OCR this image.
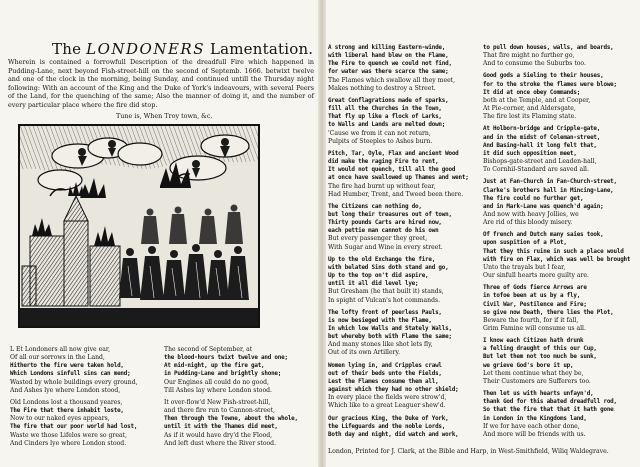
The LONDONERS Lamentation.
Wherein is contained a forrowfull Description of the dreadfull Fire which happened in Pudding-Lane, next beyond Fish-street-hill on the second of Septemb. 1666. betwixt twelve and one of the clock in the morning, being Sunday, and continued untill the Thursday night following: With an account of the King and the Duke of York's indeavours, with several Peers of the Land, for the quenching of the same; Also the manner of doing it, and the number of every particular place where the fire did stop.
Tune is, When Troy town, &c.
L Et Londoners all now give ear,
Of all our sorrows in the Land,
Hitherto the fire were taken hold,
Which Londons sinfull sins can mend;
Wasted by whole buildings every ground,
And Ashes lye where London stood,
Old Londons lost a thousand yeares,
The Fire that there inhabit loste,
Now to our naked eyes appears,
The fire that our poor world had lost,
Waste we those Lifelos were so great,
And Cinders lye where London stood.
The second of September, at
the blood-hours twixt twelve and one;
At mid-night, up the fire gat,
in Pudding-Lane and brightly shone;
Our Engines all could do no good,
Till Ashes lay where London stood.
It over-flow'd New Fish-street-hill,
and there fire run to Cannon-street,
Then through the Towne, about the whole,
until it with the Thames did meet,
As if it would have dry'd the Flood,
And left dust where the River stood.
A strong and killing Eastern-winde,
with liberal hand blew on the Flame,
The Fire to quench we could not find,
for water was there scarce the same;
The Flames which swallow all they meet,
Makes nothing to destroy a Street.
Great Conflagrations made of sparks,
fill all the Churches in the Town,
That fly up like a flock of Larks,
to Walls and Lands are melted down;
'Cause we from it can not return,
Pulpits of Steeples to Ashes burn.
Pitch, Tar, Oyle, Flax and ancient Wood
did make the raging Fire to rent,
It would not quench, till all the good
at once have swallowed up Thames and went;
The fire had burnt up without fear,
Had Humber, Trent, and Tweed been there.
The Citizens can nothing do,
but long their treasures out of town,
Thirty pounds Carts are hired now,
each pettie man cannot do his own
But every passenger they greet,
With Sugar and Wine in every street.
Up to the old Exchange the fire,
with belated Sins doth stand and go,
Up to the top on't did aspire,
until it all did level lye;
But Gresham (he that built it) stands,
In spight of Vulcan's hot commands.
The lofty front of peerless Pauls,
is now besieged with the Flame,
In which low Walls and Stately Walls,
but whereby both with Flame the same;
And many stones like shot lets fly,
Out of its own Artillery.
Women lying in, and Cripples crawl
out of their beds unto the Fields,
Lest the Flames consume them all,
against which they had no other shield;
In every place the fields were strow'd,
Which like to a great Leaguer shew'd.
Our gracious King, the Duke of York,
the Lifeguards and the noble Lords,
Both day and night, did watch and work,
to pull down houses, walls, and boards,
That fire might no further go,
And to consume the Suburbs too.
Good gods a Sieling to their houses,
for to the stroke the flames were blowe;
It did at once obey Commands;
both at the Temple, and at Cooper,
At Pie-corner, and Aldersgate,
The fire lost its Flaming state.
At Holborn-bridge and Cripple-gate,
and in the midst of Coleman-street,
And Basing-hall it long felt that,
it did such opposition meet,
Bishops-gate-street and Leaden-hall,
To Cornhil-Standard are saved all.
Just at Fan-Church in Fan-Church-street,
Clarke's brothers hall in Mincing-Lane,
The fire could no further get,
and in Mark-Lane was quench'd again;
And now with heavy Jollies, we
Are rid of this bloody misery.
Of french and Dutch many saies took,
upon suspition of a Plot,
That they this ruine in such a place would
with fire on Flax, which was well be brought
Unto the trayals but I fear,
Our sinfull hearts more guilty are.
Three of Gods fierce Arrows are
in tofoe been at us by a fly,
Civil War, Pestilence and Fire;
so give now Death, there lies the Plot,
Beware the fourth, for if it fall,
Grim Famine will consume us all.
I know each Citizen hath drunk
a felling draught of this our Cup,
But let them not too much be sunk,
we grieve God's bore it up,
Let them continue what they be,
Their Customers are Sufferers too.
Then let us with hearts unfayn'd,
thank God for this abated dreadfull rod,
So that the fire that that it hath gone
in London in the Kingdoms land,
If we for have each other done,
And more will be friends with us.
London, Printed for J. Clark, at the Bible and Harp, in West-Smithfield, Wiliq Waldegrave.
